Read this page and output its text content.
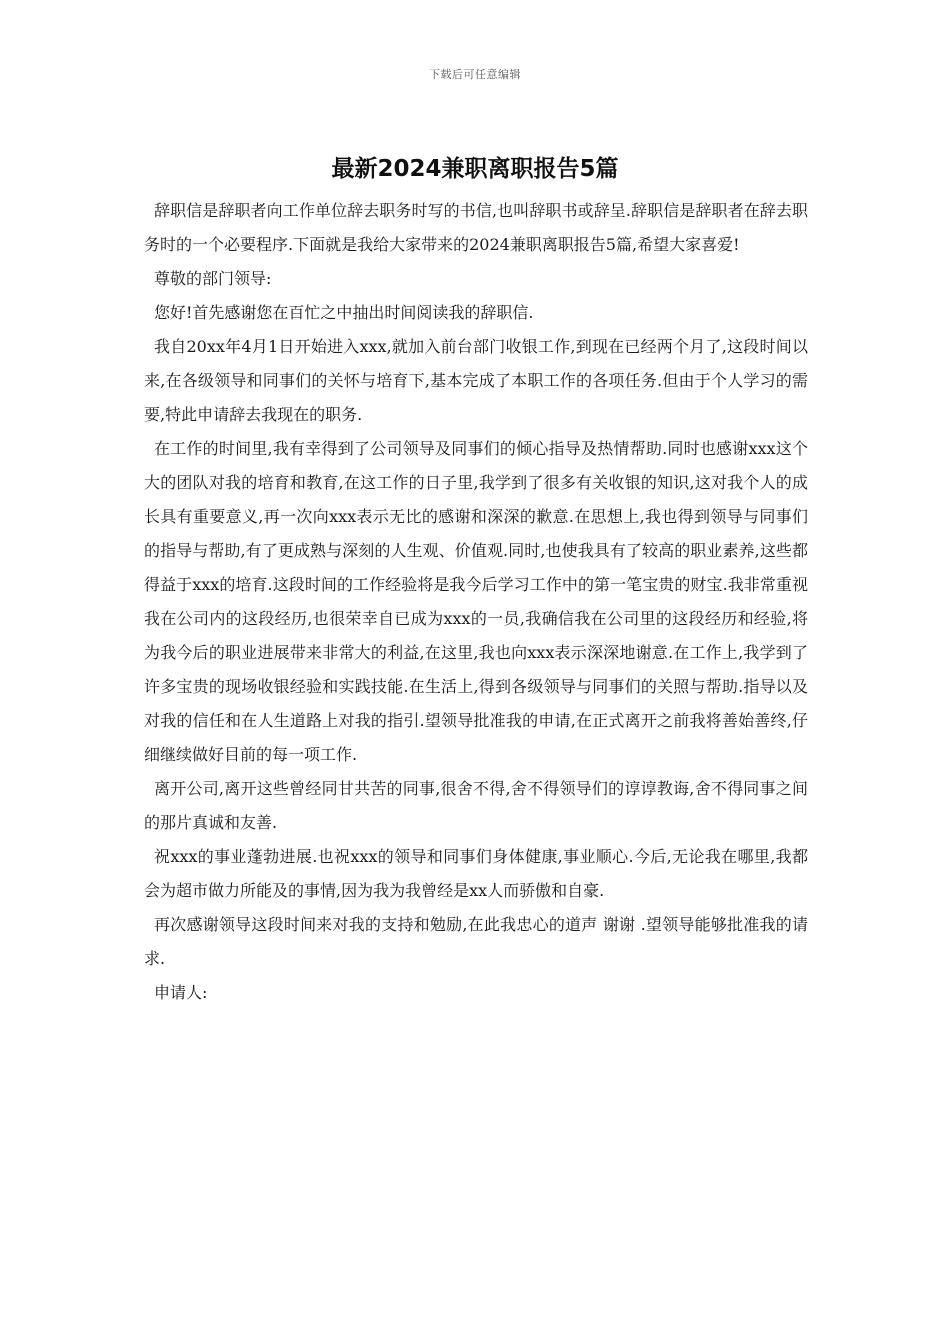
下载后可任意编辑
最新2024兼职离职报告5篇

辞职信是辞职者向工作单位辞去职务时写的书信,也叫辞职书或辞呈.辞职信是辞职者在辞去职务时的一个必要程序.下面就是我给大家带来的2024兼职离职报告5篇,希望大家喜爱!

尊敬的部门领导:

您好!首先感谢您在百忙之中抽出时间阅读我的辞职信.

我自20xx年4月1日开始进入xxx,就加入前台部门收银工作,到现在已经两个月了,这段时间以来,在各级领导和同事们的关怀与培育下,基本完成了本职工作的各项任务.但由于个人学习的需要,特此申请辞去我现在的职务.

在工作的时间里,我有幸得到了公司领导及同事们的倾心指导及热情帮助.同时也感谢xxx这个大的团队对我的培育和教育,在这工作的日子里,我学到了很多有关收银的知识,这对我个人的成长具有重要意义,再一次向xxx表示无比的感谢和深深的歉意.在思想上,我也得到领导与同事们的指导与帮助,有了更成熟与深刻的人生观、价值观.同时,也使我具有了较高的职业素养,这些都得益于xxx的培育.这段时间的工作经验将是我今后学习工作中的第一笔宝贵的财宝.我非常重视我在公司内的这段经历,也很荣幸自已成为xxx的一员,我确信我在公司里的这段经历和经验,将为我今后的职业进展带来非常大的利益,在这里,我也向xxx表示深深地谢意.在工作上,我学到了许多宝贵的现场收银经验和实践技能.在生活上,得到各级领导与同事们的关照与帮助.指导以及对我的信任和在人生道路上对我的指引.望领导批准我的申请,在正式离开之前我将善始善终,仔细继续做好目前的每一项工作.

离开公司,离开这些曾经同甘共苦的同事,很舍不得,舍不得领导们的谆谆教诲,舍不得同事之间的那片真诚和友善.

祝xxx的事业蓬勃进展.也祝xxx的领导和同事们身体健康,事业顺心.今后,无论我在哪里,我都会为超市做力所能及的事情,因为我为我曾经是xx人而骄傲和自豪.

再次感谢领导这段时间来对我的支持和勉励,在此我忠心的道声 谢谢 .望领导能够批准我的请求.

申请人:
